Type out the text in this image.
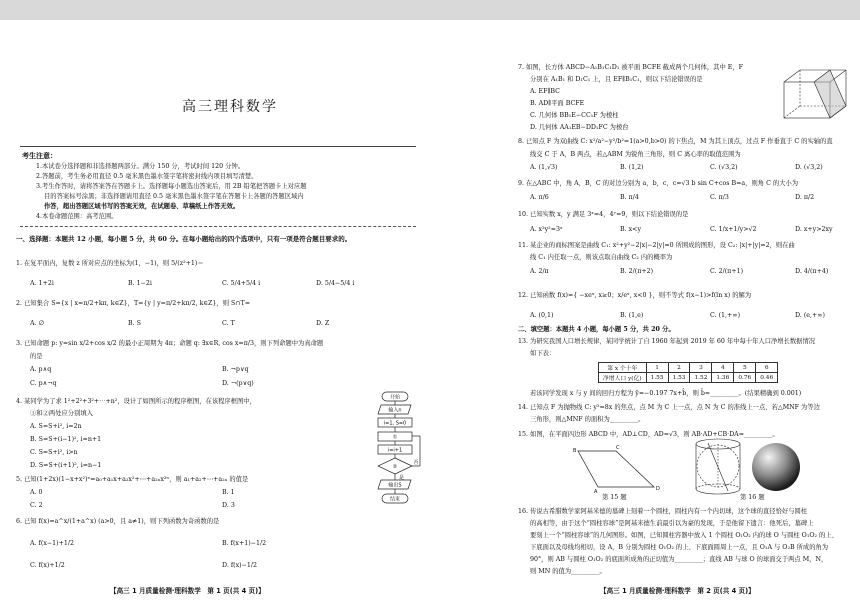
高三理科数学
考生注意：
1.本试卷分选择题和非选择题两部分。满分 150 分，考试时间 120 分钟。
2.答题前，考生务必用直径 0.5 毫米黑色墨水签字笔将密封线内项目填写清楚。
3.考生作答时，请将答案答在答题卡上。选择题每小题选出答案后，用 2B 铅笔把答题卡上对应题
目的答案标号涂黑；非选择题请用直径 0.5 毫米黑色墨水签字笔在答题卡上各题的答题区域内
作答，超出答题区域书写的答案无效，在试题卷、草稿纸上作答无效。
4.本卷命题范围：高考范围。
一、选择题：本题共 12 小题，每小题 5 分，共 60 分。在每小题给出的四个选项中，只有一项是符合题目要求的。
1. 在复平面内，复数 z 所对应点的坐标为(1，−1)，则 5/(z²+1)＝
A. 1+2i	B. 1−2i	C. 5/4+5/4 i	D. 5/4−5/4 i
2. 已知集合 S={x | x=π/2+kπ, k∈Z}，T={y | y=π/2+kπ/2, k∈Z}，则 S∩T=
A. ∅	B. S	C. T	D. Z
3. 已知命题 p: y=sin x/2+cos x/2 的最小正周期为 4π；命题 q: ∃x∈R, cos x=π/3，则下列命题中为真命题
的是
A. p∧q	B. ¬p∨q
C. p∧¬q	D. ¬(p∨q)
4. 某同学为了求 1²+2²+3²+⋯+n²，设计了如图所示的程序框图，在该程序框图中，
①和②两处应分别填入
A. S=S+i², i=2n
B. S=S+(i−1)², i=n+1
C. S=S+i², i>n
D. S=S+(i+1)², i=n−1
5. 已知(1+2x)(1−x+x²)ⁿ=a₀+a₁x+a₂x²+⋯+a₂ₙx²ⁿ，则 a₁+a₂+⋯+a₂ₙ 的值是
A. 0	B. 1
C. 2	D. 3
6. 已知 f(x)=a^x/(1+a^x) (a>0，且 a≠1)，则下列函数为奇函数的是
A. f(x−1)+1/2	B. f(x+1)−1/2
C. f(x)+1/2	D. f(x)−1/2
开始
输入n
i=1, S=0
①
i=i+1
②
否
是
输出S
结束
【高三 1 月质量检测·理科数学　第 1 页(共 4 页)】
7. 如图，长方体 ABCD−A₁B₁C₁D₁ 被平面 BCFE 截成两个几何体，其中 E，F
分别在 A₁B₁ 和 D₁C₁ 上，且 EF∥B₁C₁，则以下结论错误的是
A. EF∥BC
B. AD∥平面 BCFE
C. 几何体 BB₁E−CC₁F 为棱柱
D. 几何体 AA₁EB−DD₁FC 为棱台
8. 已知点 F 为双曲线 C: x²/a²−y²/b²=1(a>0,b>0) 的下焦点，M 为其上顶点，过点 F 作垂直于 C 的实轴的直
线交 C 于 A，B 两点，若△ABM 为锐角三角形，则 C 离心率的取值范围为
A. (1,√3)	B. (1,2)	C. (√3,2)	D. (√3,2)
9. 在△ABC 中，角 A，B，C 的对边分别为 a，b，c，c=√3 b sin C+cos B=a，则角 C 的大小为
A. π/6	B. π/4	C. π/3	D. π/2
10. 已知实数 x，y 满足 3ˣ=4，4ʸ=9，则以下结论错误的是
A. x²y²=3ˣ	B. x<y	C. 1/x+1/y>√2	D. x+y>2xy
11. 某企业的商标图案是曲线 C₁: x²+y²−2|x|−2|y|=0 所围成的图形，设 C₂: |x|+|y|=2，则在曲
线 C₁ 内任取一点，则该点取自曲线 C₂ 内的概率为
A. 2/π	B. 2/(π+2)	C. 2/(π+1)	D. 4/(π+4)
12. 已知函数 f(x)={ −xeˣ, x≥0；x/eˣ, x<0 }，则不等式 f(x−1)>f(ln x) 的解为
A. (0,1)	B. (1,e)	C. (1,+∞)	D. (e,+∞)
二、填空题：本题共 4 小题，每小题 5 分，共 20 分。
13. 为研究我国人口增长规律，某同学统计了自 1960 年起到 2019 年 60 年中每十年人口净增长数据情况
如下表：
第 x 个十年	1	2	3	4	5	6
净增人口 y(亿)	1.55	1.53	1.52	1.36	0.76	0.46
若该同学发现 x 与 y 间的回归方程为 ŷ=−0.197 7x+b̂，则 b̂≈_________。(结果精确到 0.001)
14. 已知点 F 为抛物线 C: y²=8x 的焦点，点 M 为 C 上一点，点 N 为 C 的准线上一点，若△MNF 为等边
三角形，则△MNF 的面积为_________。
15. 如图，在平面四边形 ABCD 中，AD⊥CD，AD=√3，则 AB·AD+CB·DA=_________。
B	C
D
A
第 15 题	第 16 题
16. 传说古希腊数学家阿基米德的墓碑上刻着一个圆柱，圆柱内有一个内切球，这个球的直径恰好与圆柱
的高相等，由于这个“圆柱容球”是阿基米德生前最引以为豪的发现，于是他留下遗言：他死后，墓碑上
要刻上一个“圆柱容球”的几何图形。如图，已知圆柱容器中放入 1 个圆柱 O₁O₂ 内的球 O 与圆柱 O₁O₂ 的上、
下底面以及母线均相切，设 A，B 分别为圆柱 O₁O₂ 的上、下底面圆周上一点，且 O₁A 与 O₂B 所成的角为
90°，则 AB 与圆柱 O₁O₂ 的底面所成角的正切值为_________；直线 AB 与球 O 的球面交于两点 M，N，
则 MN 的值为_________。
【高三 1 月质量检测·理科数学　第 2 页(共 4 页)】
